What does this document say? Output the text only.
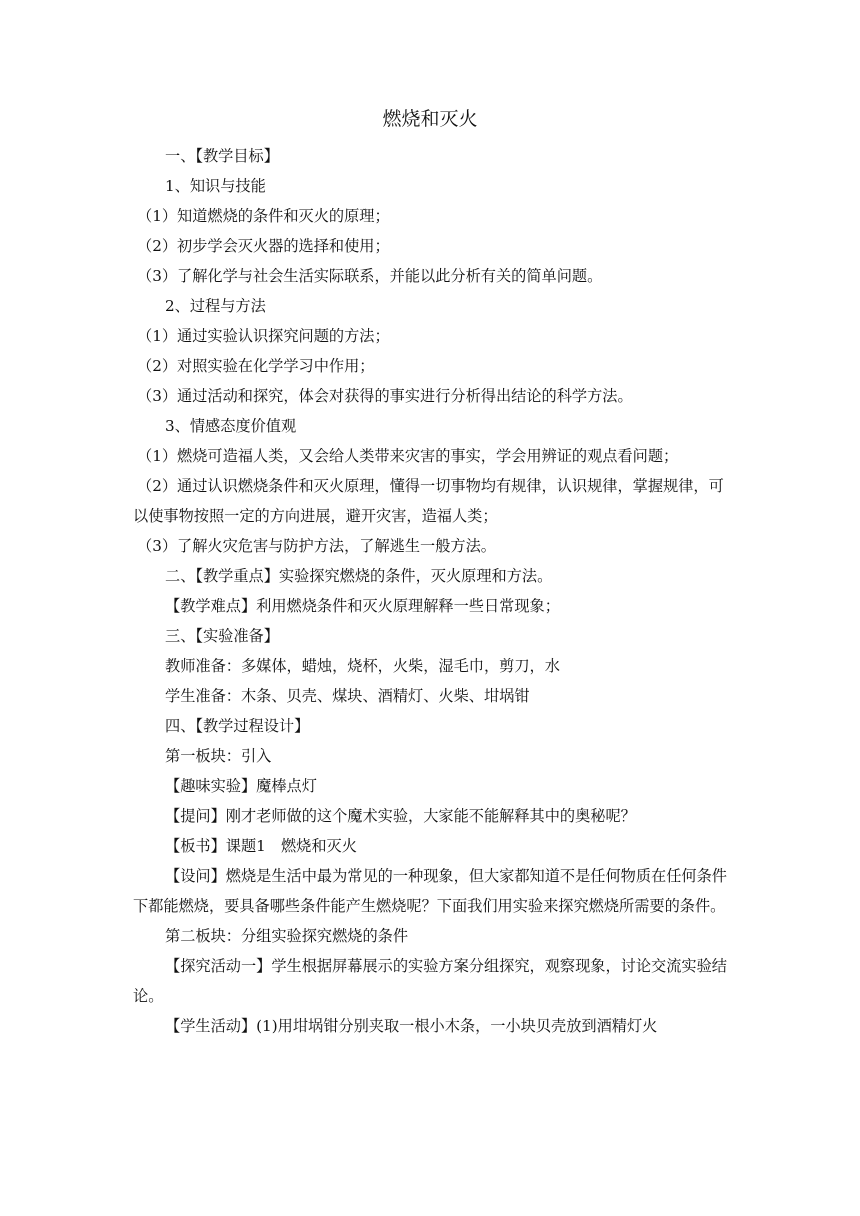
燃烧和灭火

一、【教学目标】

1、知识与技能

（1）知道燃烧的条件和灭火的原理；

（2）初步学会灭火器的选择和使用；

（3）了解化学与社会生活实际联系，并能以此分析有关的简单问题。

2、过程与方法

（1）通过实验认识探究问题的方法；

（2）对照实验在化学学习中作用；

（3）通过活动和探究，体会对获得的事实进行分析得出结论的科学方法。

3、情感态度价值观

（1）燃烧可造福人类，又会给人类带来灾害的事实，学会用辨证的观点看问题；

（2）通过认识燃烧条件和灭火原理，懂得一切事物均有规律，认识规律，掌握规律，可以使事物按照一定的方向进展，避开灾害，造福人类；

（3）了解火灾危害与防护方法，了解逃生一般方法。

二、【教学重点】实验探究燃烧的条件，灭火原理和方法。

【教学难点】利用燃烧条件和灭火原理解释一些日常现象；

三、【实验准备】

教师准备：多媒体，蜡烛，烧杯，火柴，湿毛巾，剪刀，水

学生准备：木条、贝壳、煤块、酒精灯、火柴、坩埚钳

四、【教学过程设计】

第一板块：引入

【趣味实验】魔棒点灯

【提问】刚才老师做的这个魔术实验，大家能不能解释其中的奥秘呢？

【板书】课题1　燃烧和灭火

【设问】燃烧是生活中最为常见的一种现象，但大家都知道不是任何物质在任何条件下都能燃烧，要具备哪些条件能产生燃烧呢？下面我们用实验来探究燃烧所需要的条件。

第二板块：分组实验探究燃烧的条件

【探究活动一】学生根据屏幕展示的实验方案分组探究，观察现象，讨论交流实验结论。

【学生活动】(1)用坩埚钳分别夹取一根小木条，一小块贝壳放到酒精灯火
